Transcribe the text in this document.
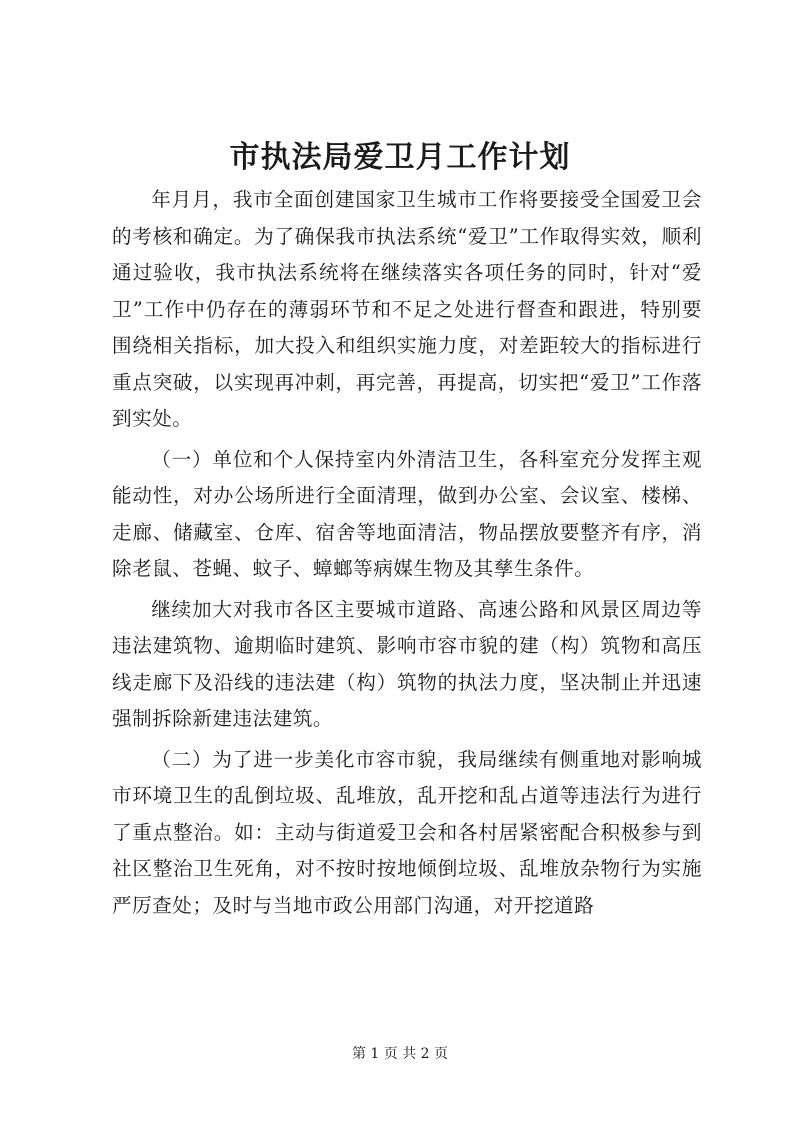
市执法局爱卫月工作计划

年月月，我市全面创建国家卫生城市工作将要接受全国爱卫会的考核和确定。为了确保我市执法系统“爱卫”工作取得实效，顺利通过验收，我市执法系统将在继续落实各项任务的同时，针对“爱卫”工作中仍存在的薄弱环节和不足之处进行督查和跟进，特别要围绕相关指标，加大投入和组织实施力度，对差距较大的指标进行重点突破，以实现再冲刺，再完善，再提高，切实把“爱卫”工作落到实处。

（一）单位和个人保持室内外清洁卫生，各科室充分发挥主观能动性，对办公场所进行全面清理，做到办公室、会议室、楼梯、走廊、储藏室、仓库、宿舍等地面清洁，物品摆放要整齐有序，消除老鼠、苍蝇、蚊子、蟑螂等病媒生物及其孳生条件。

继续加大对我市各区主要城市道路、高速公路和风景区周边等违法建筑物、逾期临时建筑、影响市容市貌的建（构）筑物和高压线走廊下及沿线的违法建（构）筑物的执法力度，坚决制止并迅速强制拆除新建违法建筑。

（二）为了进一步美化市容市貌，我局继续有侧重地对影响城市环境卫生的乱倒垃圾、乱堆放，乱开挖和乱占道等违法行为进行了重点整治。如：主动与街道爱卫会和各村居紧密配合积极参与到社区整治卫生死角，对不按时按地倾倒垃圾、乱堆放杂物行为实施严厉查处；及时与当地市政公用部门沟通，对开挖道路

第 1 页 共 2 页
